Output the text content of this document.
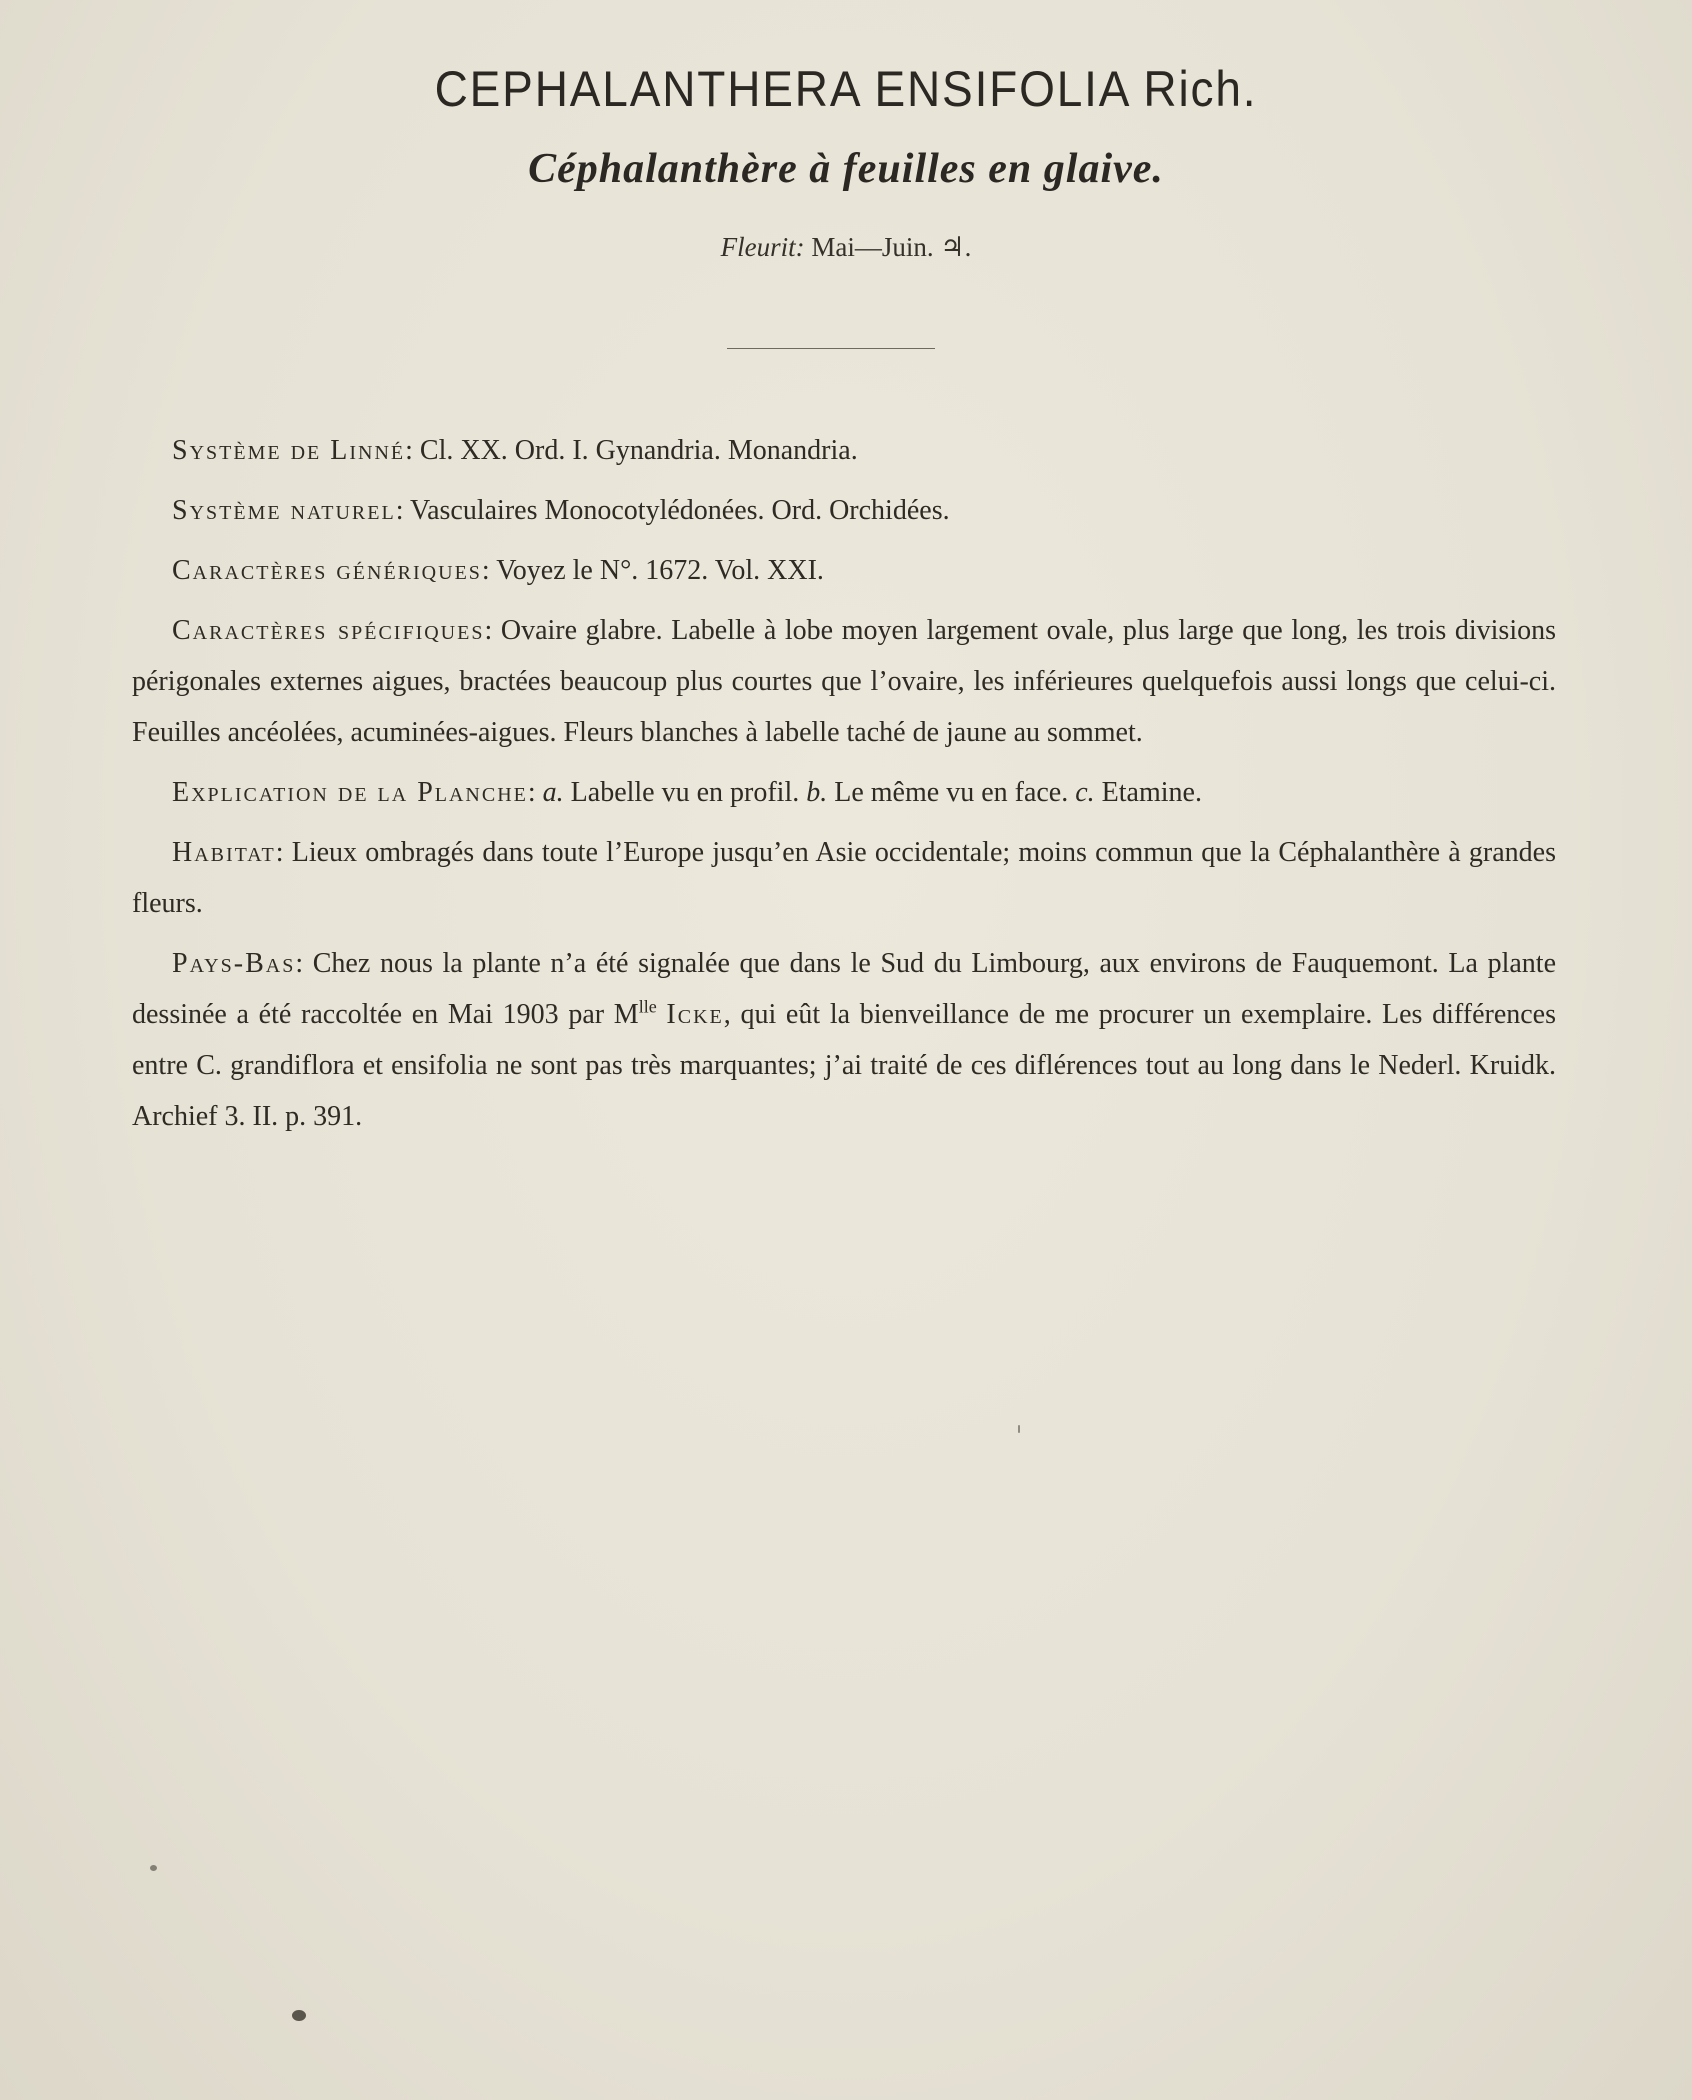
CEPHALANTHERA ENSIFOLIA Rich.
Céphalanthère à feuilles en glaive.
Fleurit: Mai—Juin. ♃.

Système de Linné: Cl. XX. Ord. I. Gynandria. Monandria.

Système naturel: Vasculaires Monocotylédonées. Ord. Orchidées.

Caractères génériques: Voyez le N°. 1672. Vol. XXI.

Caractères spécifiques: Ovaire glabre. Labelle à lobe moyen largement ovale, plus large que long, les trois divisions périgonales externes aigues, bractées beaucoup plus courtes que l’ovaire, les inférieures quelquefois aussi longs que celui-ci. Feuilles ancéolées, acuminées-aigues. Fleurs blanches à labelle taché de jaune au sommet.

Explication de la Planche: a. Labelle vu en profil. b. Le même vu en face. c. Etamine.

Habitat: Lieux ombragés dans toute l’Europe jusqu’en Asie occidentale; moins commun que la Céphalanthère à grandes fleurs.

Pays-Bas: Chez nous la plante n’a été signalée que dans le Sud du Limbourg, aux environs de Fauquemont. La plante dessinée a été raccoltée en Mai 1903 par $M^{lle}$ Icke, qui eût la bienveillance de me procurer un exemplaire. Les différences entre C. grandiflora et ensifolia ne sont pas très marquantes; j’ai traité de ces diflérences tout au long dans le Nederl. Kruidk. Archief 3. II. p. 391.
